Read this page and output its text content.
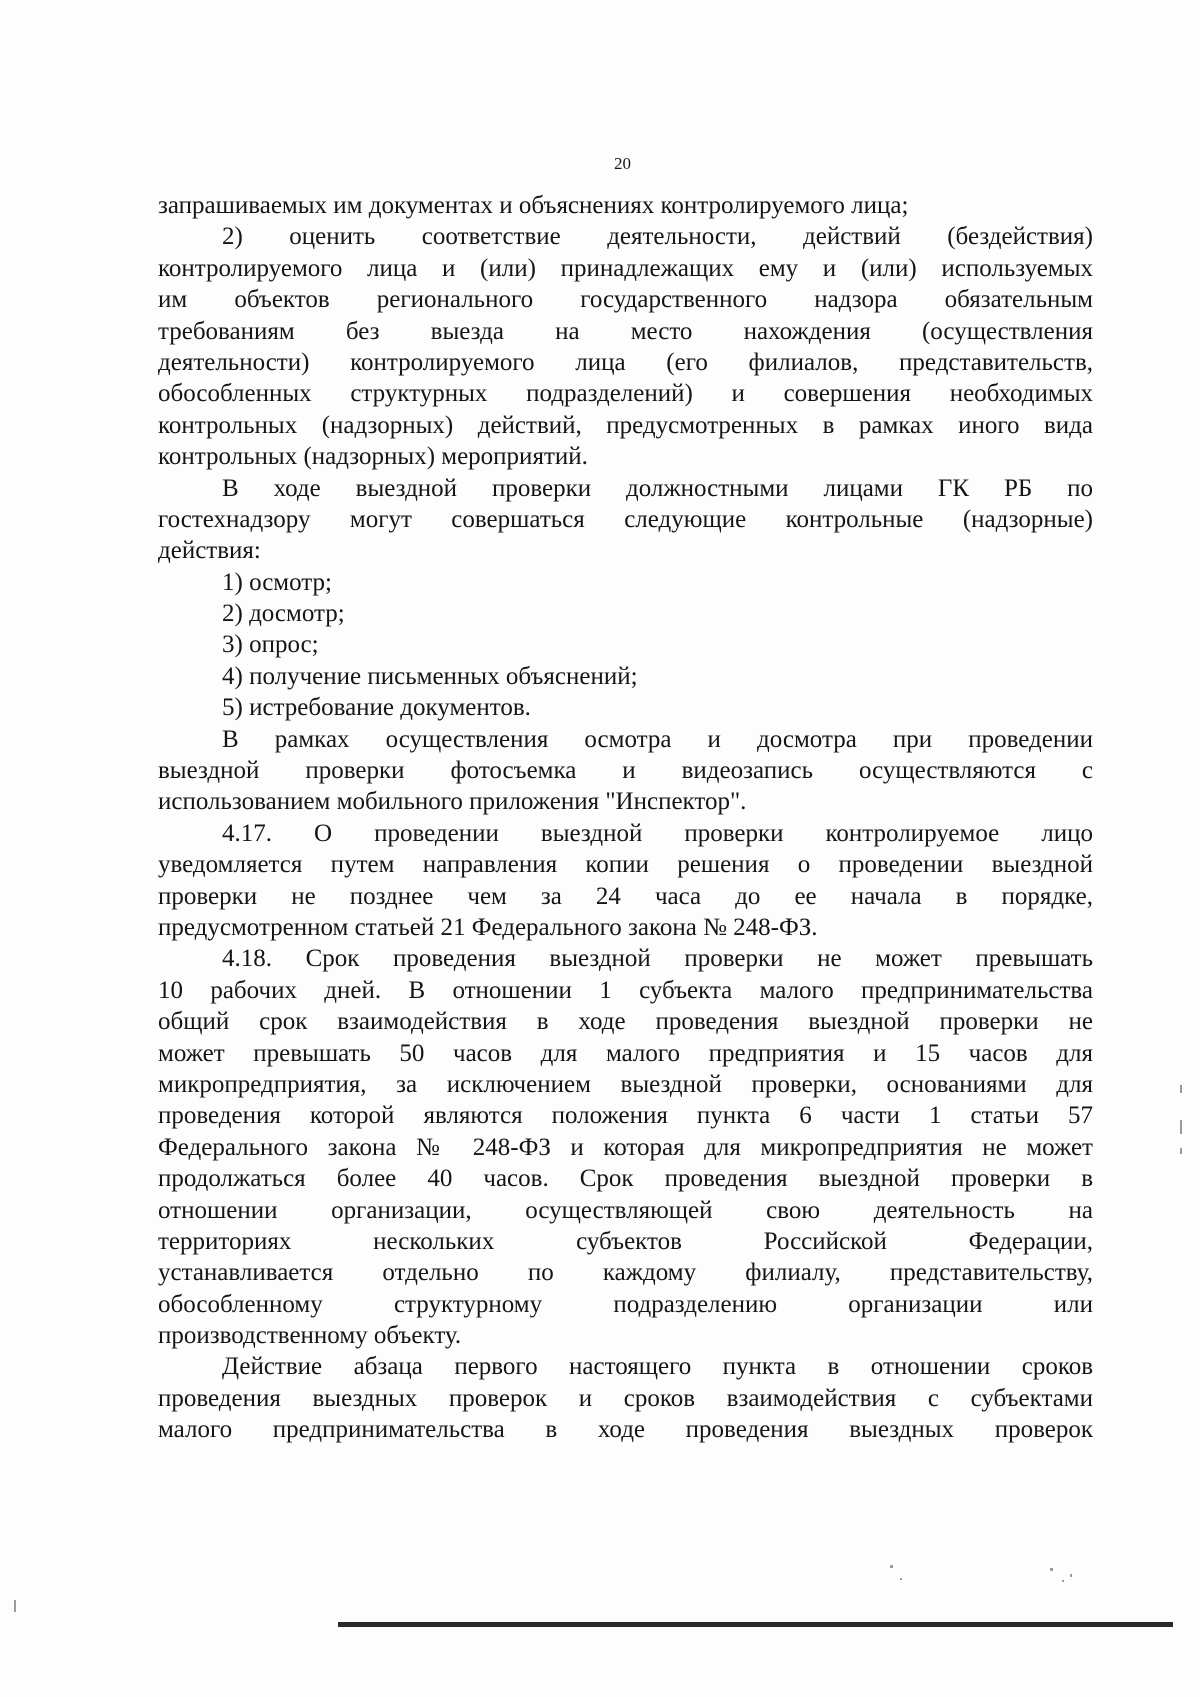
20
запрашиваемых им документах и объяснениях контролируемого лица;
2) оценить соответствие деятельности, действий (бездействия)
контролируемого лица и (или) принадлежащих ему и (или) используемых
им объектов регионального государственного надзора обязательным
требованиям без выезда на место нахождения (осуществления
деятельности) контролируемого лица (его филиалов, представительств,
обособленных структурных подразделений) и совершения необходимых
контрольных (надзорных) действий, предусмотренных в рамках иного вида
контрольных (надзорных) мероприятий.
В ходе выездной проверки должностными лицами ГК РБ по
гостехнадзору могут совершаться следующие контрольные (надзорные)
действия:
1) осмотр;
2) досмотр;
3) опрос;
4) получение письменных объяснений;
5) истребование документов.
В рамках осуществления осмотра и досмотра при проведении
выездной проверки фотосъемка и видеозапись осуществляются с
использованием мобильного приложения "Инспектор".
4.17. О проведении выездной проверки контролируемое лицо
уведомляется путем направления копии решения о проведении выездной
проверки не позднее чем за 24 часа до ее начала в порядке,
предусмотренном статьей 21 Федерального закона № 248-ФЗ.
4.18. Срок проведения выездной проверки не может превышать
10 рабочих дней. В отношении 1 субъекта малого предпринимательства
общий срок взаимодействия в ходе проведения выездной проверки не
может превышать 50 часов для малого предприятия и 15 часов для
микропредприятия, за исключением выездной проверки, основаниями для
проведения которой являются положения пункта 6 части 1 статьи 57
Федерального закона № 248-ФЗ и которая для микропредприятия не может
продолжаться более 40 часов. Срок проведения выездной проверки в
отношении организации, осуществляющей свою деятельность на
территориях нескольких субъектов Российской Федерации,
устанавливается отдельно по каждому филиалу, представительству,
обособленному структурному подразделению организации или
производственному объекту.
Действие абзаца первого настоящего пункта в отношении сроков
проведения выездных проверок и сроков взаимодействия с субъектами
малого предпринимательства в ходе проведения выездных проверок
